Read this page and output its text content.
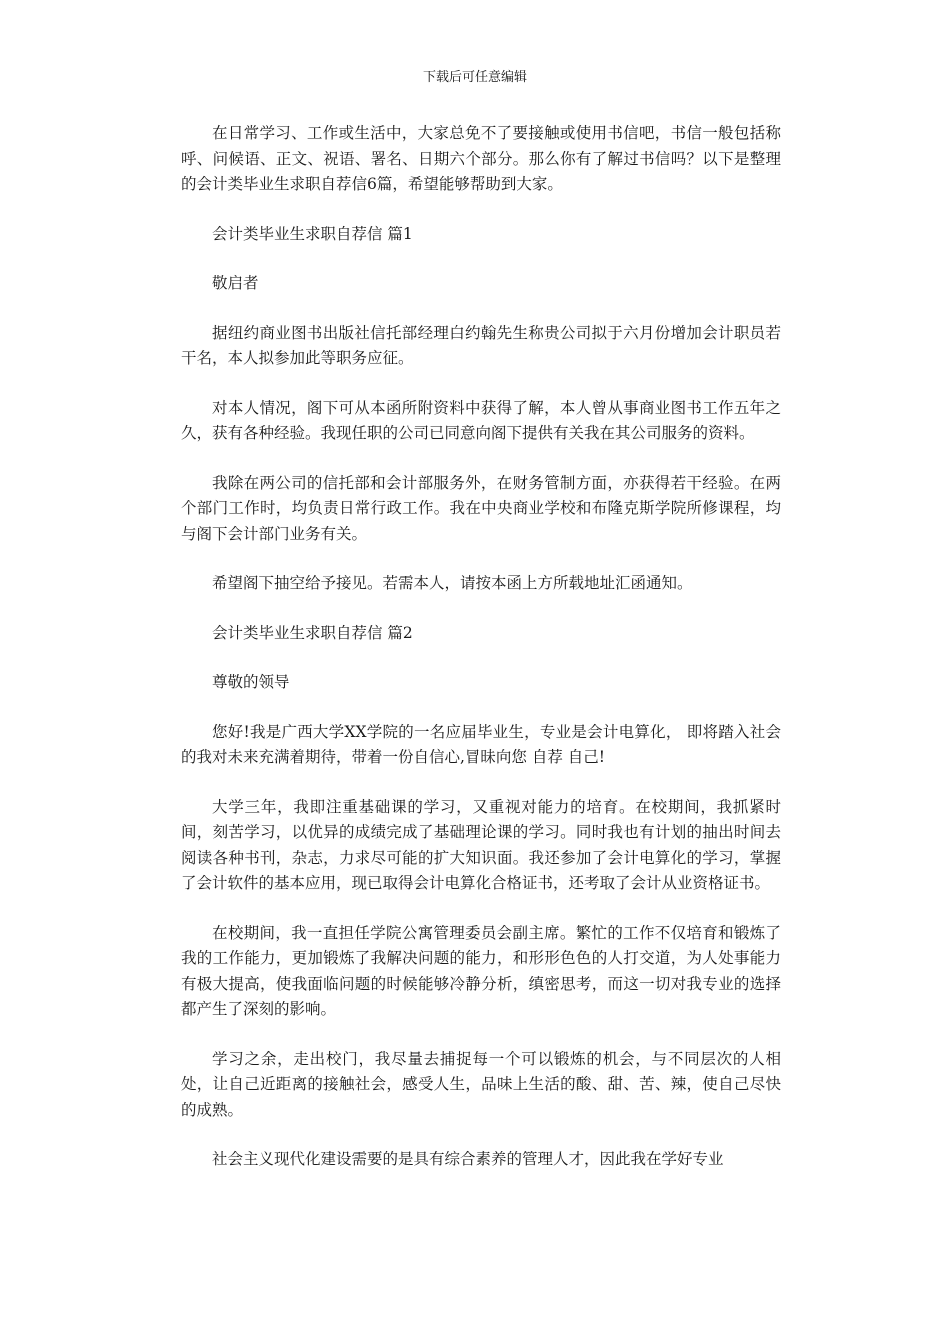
下载后可任意编辑

在日常学习、工作或生活中，大家总免不了要接触或使用书信吧，书信一般包括称呼、问候语、正文、祝语、署名、日期六个部分。那么你有了解过书信吗？以下是整理的会计类毕业生求职自荐信6篇，希望能够帮助到大家。

会计类毕业生求职自荐信 篇1

敬启者

据纽约商业图书出版社信托部经理白约翰先生称贵公司拟于六月份增加会计职员若干名，本人拟参加此等职务应征。

对本人情况，阁下可从本函所附资料中获得了解，本人曾从事商业图书工作五年之久，获有各种经验。我现任职的公司已同意向阁下提供有关我在其公司服务的资料。

我除在两公司的信托部和会计部服务外，在财务管制方面，亦获得若干经验。在两个部门工作时，均负责日常行政工作。我在中央商业学校和布隆克斯学院所修课程，均与阁下会计部门业务有关。

希望阁下抽空给予接见。若需本人，请按本函上方所载地址汇函通知。

会计类毕业生求职自荐信 篇2

尊敬的领导

您好!我是广西大学XX学院的一名应届毕业生，专业是会计电算化， 即将踏入社会的我对未来充满着期待，带着一份自信心,冒昧向您 自荐 自己!

大学三年，我即注重基础课的学习，又重视对能力的培育。在校期间，我抓紧时间，刻苦学习，以优异的成绩完成了基础理论课的学习。同时我也有计划的抽出时间去阅读各种书刊，杂志，力求尽可能的扩大知识面。我还参加了会计电算化的学习，掌握了会计软件的基本应用，现已取得会计电算化合格证书，还考取了会计从业资格证书。

在校期间，我一直担任学院公寓管理委员会副主席。繁忙的工作不仅培育和锻炼了我的工作能力，更加锻炼了我解决问题的能力，和形形色色的人打交道，为人处事能力有极大提高，使我面临问题的时候能够冷静分析，缜密思考，而这一切对我专业的选择都产生了深刻的影响。

学习之余，走出校门，我尽量去捕捉每一个可以锻炼的机会，与不同层次的人相处，让自己近距离的接触社会，感受人生，品味上生活的酸、甜、苦、辣，使自己尽快的成熟。

社会主义现代化建设需要的是具有综合素养的管理人才，因此我在学好专业
